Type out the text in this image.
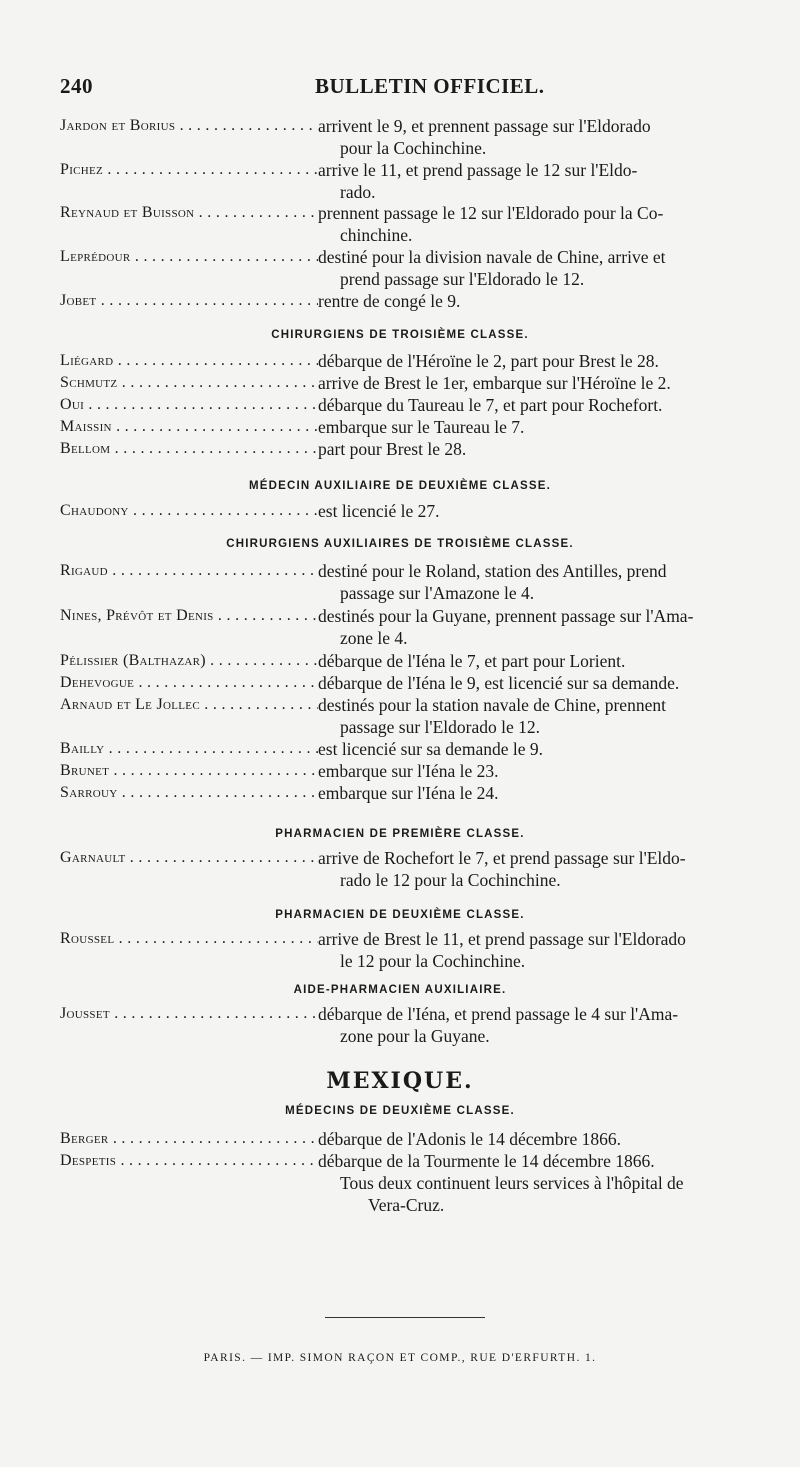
240	BULLETIN OFFICIEL.
Jardon et Borius . . .	arrivent le 9, et prennent passage sur l'Eldorado
pour la Cochinchine.
Pichez . . .	arrive le 11, et prend passage le 12 sur l'Eldo-
rado.
Reynaud et Buisson . . .	prennent passage le 12 sur l'Eldorado pour la Co-
chinchine.
Leprédour . . .	destiné pour la division navale de Chine, arrive et
prend passage sur l'Eldorado le 12.
Jobet . . .	rentre de congé le 9.
Liégard . . .	débarque de l'Héroïne le 2, part pour Brest le 28.
Schmutz . . .	arrive de Brest le 1er, embarque sur l'Héroïne le 2.
Oui . . .	débarque du Taureau le 7, et part pour Rochefort.
Maissin . . .	embarque sur le Taureau le 7.
Bellom . . .	part pour Brest le 28.
Chaudony . . .	est licencié le 27.
Rigaud . . .	destiné pour le Roland, station des Antilles, prend
passage sur l'Amazone le 4.
Nines, Prévôt et Denis . . .	destinés pour la Guyane, prennent passage sur l'Ama-
zone le 4.
Pélissier (Balthazar) . . .	débarque de l'Iéna le 7, et part pour Lorient.
Dehevogue . . .	débarque de l'Iéna le 9, est licencié sur sa demande.
Arnaud et Le Jollec . . .	destinés pour la station navale de Chine, prennent
passage sur l'Eldorado le 12.
Bailly . . .	est licencié sur sa demande le 9.
Brunet . . .	embarque sur l'Iéna le 23.
Sarrouy . . .	embarque sur l'Iéna le 24.
Garnault . . .	arrive de Rochefort le 7, et prend passage sur l'Eldo-
rado le 12 pour la Cochinchine.
Roussel . . .	arrive de Brest le 11, et prend passage sur l'Eldorado
le 12 pour la Cochinchine.
Jousset . . .	débarque de l'Iéna, et prend passage le 4 sur l'Ama-
zone pour la Guyane.
Berger . . .	débarque de l'Adonis le 14 décembre 1866.
Despetis . . .	débarque de la Tourmente le 14 décembre 1866.
Tous deux continuent leurs services à l'hôpital de
Vera-Cruz.
CHIRURGIENS DE TROISIÈME CLASSE.
MÉDECIN AUXILIAIRE DE DEUXIÈME CLASSE.
CHIRURGIENS AUXILIAIRES DE TROISIÈME CLASSE.
PHARMACIEN DE PREMIÈRE CLASSE.
PHARMACIEN DE DEUXIÈME CLASSE.
AIDE-PHARMACIEN AUXILIAIRE.
MEXIQUE.
MÉDECINS DE DEUXIÈME CLASSE.
PARIS. — IMP. SIMON RAÇON ET COMP., RUE D'ERFURTH. 1.
